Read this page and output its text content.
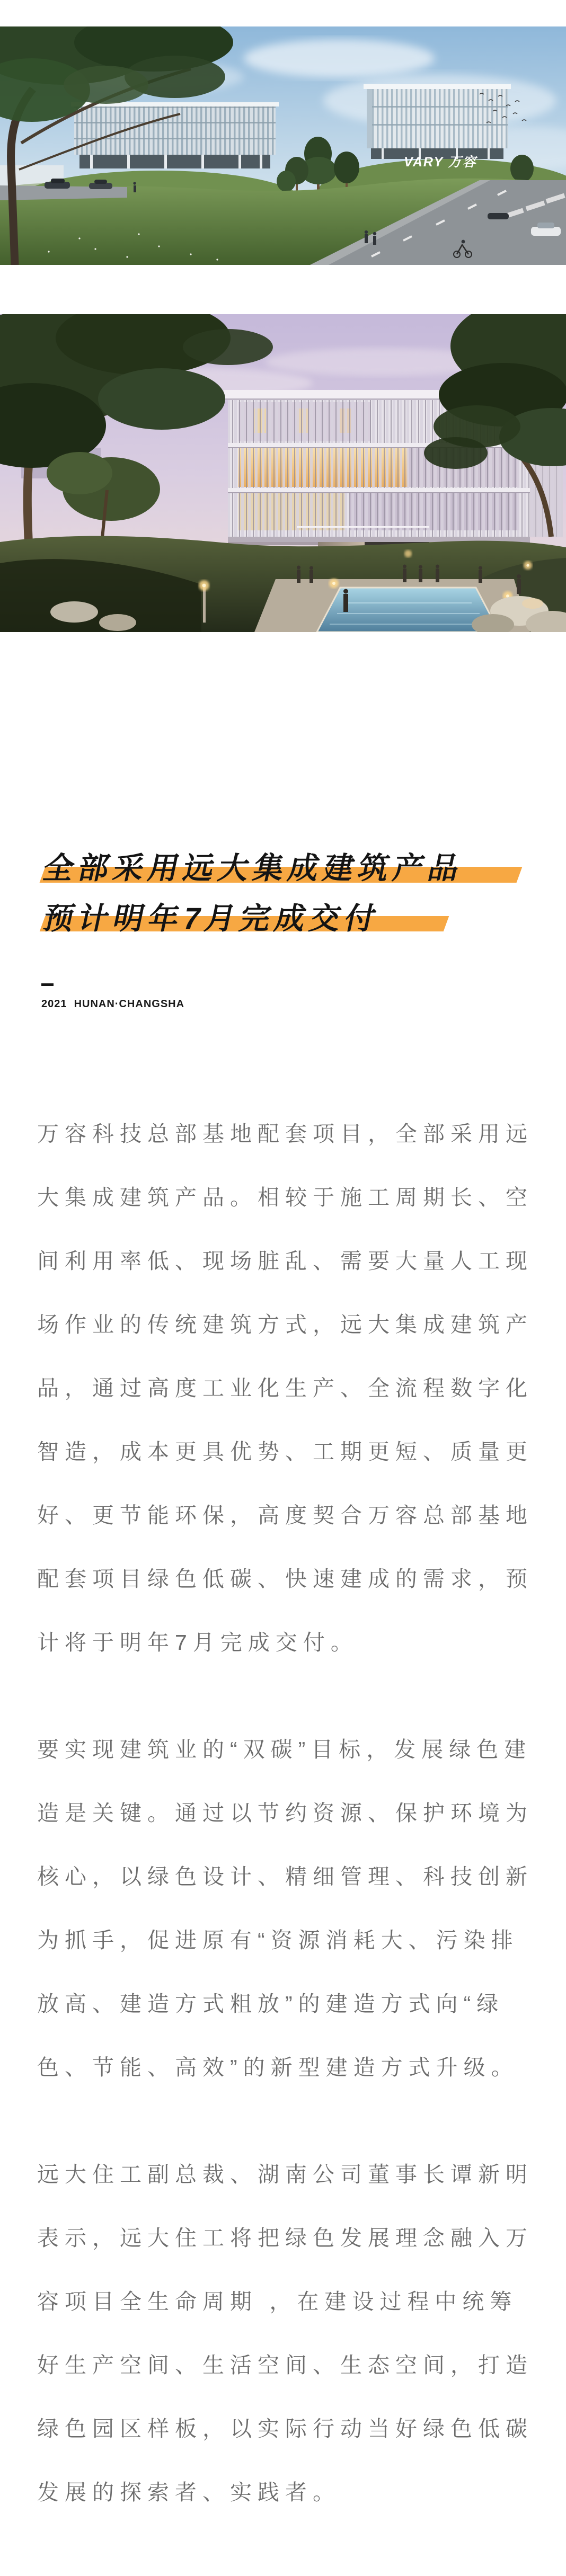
VARY 万容
全部采用远大集成建筑产品
预计明年7月完成交付
2021  HUNAN·CHANGSHA

万容科技总部基地配套项目，全部采用远大集成建筑产品。相较于施工周期长、空间利用率低、现场脏乱、需要大量人工现场作业的传统建筑方式，远大集成建筑产品，通过高度工业化生产、全流程数字化智造，成本更具优势、工期更短、质量更好、更节能环保，高度契合万容总部基地配套项目绿色低碳、快速建成的需求，预计将于明年7月完成交付。

要实现建筑业的“双碳”目标，发展绿色建造是关键。通过以节约资源、保护环境为核心，以绿色设计、精细管理、科技创新为抓手，促进原有“资源消耗大、污染排放高、建造方式粗放”的建造方式向“绿色、节能、高效”的新型建造方式升级。

远大住工副总裁、湖南公司董事长谭新明表示，远大住工将把绿色发展理念融入万容项目全生命周期 ，在建设过程中统筹好生产空间、生活空间、生态空间，打造绿色园区样板，以实际行动当好绿色低碳发展的探索者、实践者。
